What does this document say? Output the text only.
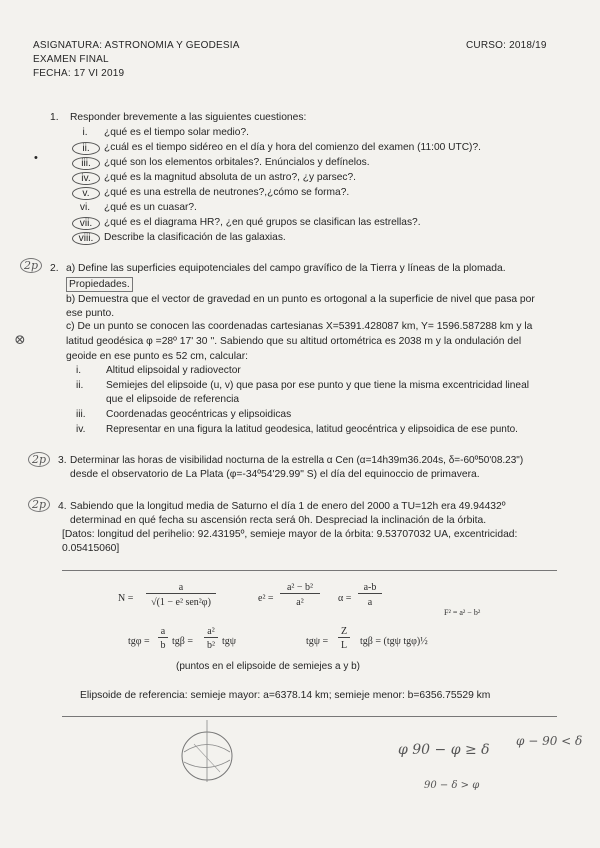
ASIGNATURA: ASTRONOMIA Y GEODESIA
EXAMEN FINAL
FECHA: 17 VI 2019
CURSO: 2018/19
1. Responder brevemente a las siguientes cuestiones:
i.	¿qué es el tiempo solar medio?.
ii.	¿cuál es el tiempo sidéreo en el día y hora del comienzo del examen (11:00 UTC)?.
iii.	¿qué son los elementos orbitales?. Enúncialos y defínelos.
iv.	¿qué es la magnitud absoluta de un astro?, ¿y parsec?.
v.	¿qué es una estrella de neutrones?,¿cómo se forma?.
vi.	¿qué es un cuasar?.
vii.	¿qué es el diagrama HR?, ¿en qué grupos se clasifican las estrellas?.
viii.	Describe la clasificación de las galaxias.
•
2p	2. a) Define las superficies equipotenciales del campo gravífico de la Tierra y líneas de la plomada.
Propiedades.
b) Demuestra que el vector de gravedad en un punto es ortogonal a la superficie de nivel que pasa por
ese punto.
c) De un punto se conocen las coordenadas cartesianas X=5391.428087 km, Y= 1596.587288 km y la
latitud geodésica φ =28º 17' 30 ''. Sabiendo que su altitud ortométrica es 2038 m y la ondulación del
geoide en ese punto es 52 cm, calcular:
⊗
i. Altitud elipsoidal y radiovector
ii. Semiejes del elipsoide (u, v) que pasa por ese punto y que tiene la misma excentricidad lineal
que el elipsoide de referencia
iii. Coordenadas geocéntricas y elipsoidicas
iv. Representar en una figura la latitud geodesica, latitud geocéntrica y elipsoidica de ese punto.
2p	3. Determinar las horas de visibilidad nocturna de la estrella α Cen (α=14h39m36.204s, δ=-60º50'08.23")
desde el observatorio de La Plata (φ=-34º54'29.99" S) el día del equinoccio de primavera.
2p	4. Sabiendo que la longitud media de Saturno el día 1 de enero del 2000 a TU=12h era 49.94432º
determinad en qué fecha su ascensión recta será 0h. Despreciad la inclinación de la órbita.
[Datos: longitud del perihelio: 92.43195º, semieje mayor de la órbita: 9.53707032 UA, excentricidad:
0.05415060]
N =
a
√(1 − e² sen²φ)	e² =
a² − b²
a²	α =
a-b
a
F² = a² − b²
tgφ =
a
b tgβ =
a²
b² tgψ	tgψ =
Z
L tgβ = (tgψ tgφ)½
(puntos en el elipsoide de semiejes a y b)
Elipsoide de referencia: semieje mayor: a=6378.14 km; semieje menor: b=6356.75529 km
φ 90 − φ ≥ δ
φ − 90 < δ
90 − δ > φ
